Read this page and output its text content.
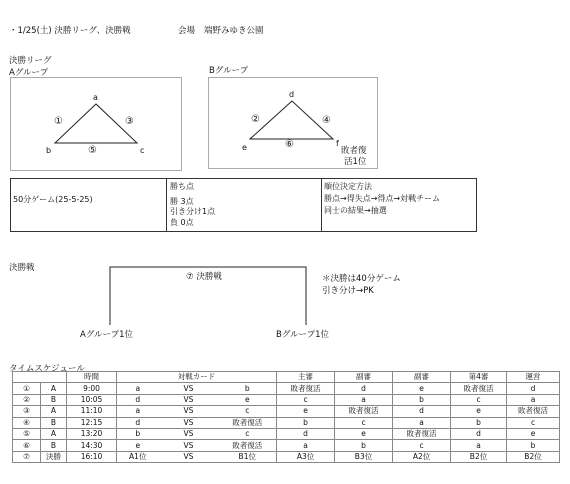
・1/25(土) 決勝リーグ、決勝戦	会場 端野みゆき公園
決勝リーグ
Aグループ	Bグループ
a
b	c
①	③
⑤
d
e	f
②	④
⑥
敗者復
活1位
50分ゲーム(25-5-25)
勝ち点
勝 3点
引き分け1点
負 0点
順位決定方法
勝点→得失点→得点→対戦チーム
同士の結果→抽選
決勝戦
⑦ 決勝戦
Aグループ1位	Bグループ1位
＊決勝は40分ゲーム
引き分け→PK
タイムスケジュール
		時間	対戦カード			主審	副審	副審	第4審	運営
①	A	9:00	a	VS	b	敗者復活	d	e	敗者復活	d
②	B	10:05	d	VS	e	c	a	b	c	a
③	A	11:10	a	VS	c	e	敗者復活	d	e	敗者復活
④	B	12:15	d	VS	敗者復活	b	c	a	b	c
⑤	A	13:20	b	VS	c	d	e	敗者復活	d	e
⑥	B	14:30	e	VS	敗者復活	a	b	c	a	b
⑦	決勝	16:10	A1位	VS	B1位	A3位	B3位	A2位	B2位	B2位
